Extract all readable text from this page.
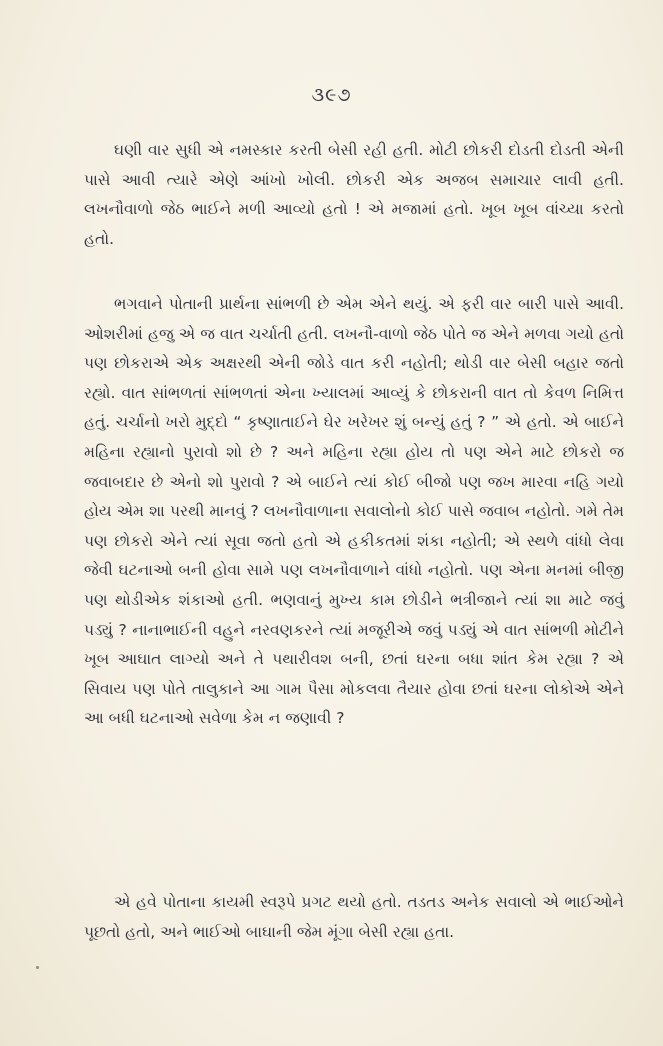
૩૯૭

ઘણી વાર સુધી એ નમસ્કાર કરતી બેસી રહી હતી. મોટી છોકરી દોડતી દોડતી એની પાસે આવી ત્યારે એણે આંખો ખોલી. છોકરી એક અજબ સમાચાર લાવી હતી. લખનૌવાળો જેઠ ભાઈને મળી આવ્યો હતો ! એ મજામાં હતો. ખૂબ ખૂબ વાંચ્યા કરતો હતો.

ભગવાને પોતાની પ્રાર્થના સાંભળી છે એમ એને થયું. એ ફરી વાર બારી પાસે આવી. ઓશરીમાં હજુ એ જ વાત ચર્ચાતી હતી. લખનૌ-વાળો જેઠ પોતે જ એને મળવા ગયો હતો પણ છોકરાએ એક અક્ષરથી એની જોડે વાત કરી નહોતી; થોડી વાર બેસી બહાર જતો રહ્યો. વાત સાંભળતાં સાંભળતાં એના ખ્યાલમાં આવ્યું કે છોકરાની વાત તો કેવળ નિમિત્ત હતું. ચર્ચાનો ખરો મુદ્દો “ કૃષ્ણાતાઈને ઘેર ખરેખર શું બન્યું હતું ? ” એ હતો. એ બાઈને મહિના રહ્યાનો પુરાવો શો છે ? અને મહિના રહ્યા હોય તો પણ એને માટે છોકરો જ જવાબદાર છે એનો શો પુરાવો ? એ બાઈને ત્યાં કોઈ બીજો પણ જખ મારવા નહિ ગયો હોય એમ શા પરથી માનવું ? લખનૌવાળાના સવાલોનો કોઈ પાસે જવાબ નહોતો. ગમે તેમ પણ છોકરો એને ત્યાં સૂવા જતો હતો એ હકીકતમાં શંકા નહોતી; એ સ્થળે વાંધો લેવા જેવી ઘટનાઓ બની હોવા સામે પણ લખનૌવાળાને વાંધો નહોતો. પણ એના મનમાં બીજી પણ થોડીએક શંકાઓ હતી. ભણવાનું મુખ્ય કામ છોડીને ભત્રીજાને ત્યાં શા માટે જવું પડ્યું ? નાનાભાઈની વહુને નરવણકરને ત્યાં મજૂરીએ જવું પડ્યું એ વાત સાંભળી મોટીને ખૂબ આઘાત લાગ્યો અને તે પથારીવશ બની, છતાં ઘરના બધા શાંત કેમ રહ્યા ? એ સિવાય પણ પોતે તાલુકાને આ ગામ પૈસા મોકલવા તૈયાર હોવા છતાં ઘરના લોકોએ એને આ બધી ઘટનાઓ સવેળા કેમ ન જણાવી ?

એ હવે પોતાના કાયમી સ્વરૂપે પ્રગટ થયો હતો. તડતડ અનેક સવાલો એ ભાઈઓને પૂછતો હતો, અને ભાઈઓ બાઘાની જેમ મૂંગા બેસી રહ્યા હતા.
